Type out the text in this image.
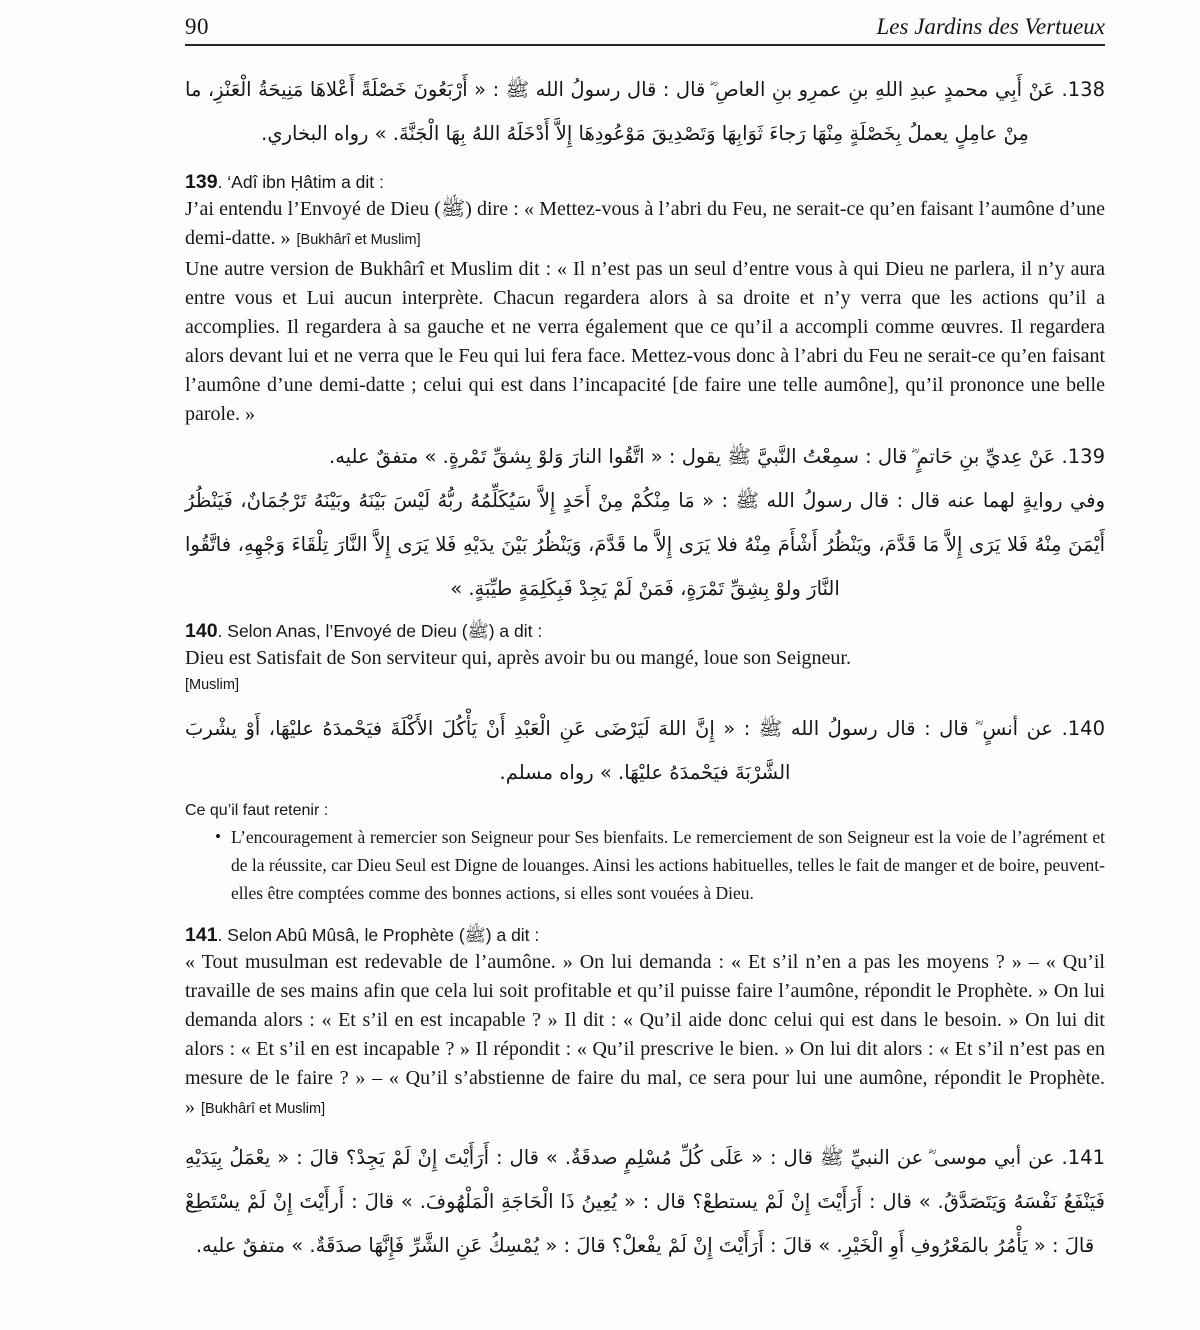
90	Les Jardins des Vertueux

138. عَنْ أَبِي محمدٍ عبدِ اللهِ بنِ عمرِو بنِ العاصِ ؓ قال : قال رسولُ الله ﷺ : « أَرْبَعُونَ خَصْلَةً أَعْلاهَا مَنِيحَةُ الْعَنْزِ، ما مِنْ عامِلٍ يعملُ بِخَصْلَةٍ مِنْهَا رَجاءَ ثَوَابِهَا وَتَصْدِيقَ مَوْعُودِهَا إِلاَّ أَدْخَلَهُ اللهُ بِهَا الْجَنَّةَ. » رواه البخاري.

139. ‘Adî ibn Ḥâtim a dit :

J’ai entendu l’Envoyé de Dieu (ﷺ) dire : « Mettez-vous à l’abri du Feu, ne serait-ce qu’en faisant l’aumône d’une demi-datte. » [Bukhârî et Muslim]

Une autre version de Bukhârî et Muslim dit : « Il n’est pas un seul d’entre vous à qui Dieu ne parlera, il n’y aura entre vous et Lui aucun interprète. Chacun regardera alors à sa droite et n’y verra que les actions qu’il a accomplies. Il regardera à sa gauche et ne verra également que ce qu’il a accompli comme œuvres. Il regardera alors devant lui et ne verra que le Feu qui lui fera face. Mettez-vous donc à l’abri du Feu ne serait-ce qu’en faisant l’aumône d’une demi-datte ; celui qui est dans l’incapacité [de faire une telle aumône], qu’il prononce une belle parole. »

139. عَنْ عِديِّ بنِ حَاتمٍ ؓ قال : سمِعْتُ النَّبيَّ ﷺ يقول : « اتَّقُوا النارَ وَلوْ بِشقِّ تَمْرةٍ. » متفقٌ عليه.

وفي روايةٍ لهما عنه قال : قال رسولُ الله ﷺ : « مَا مِنْكُمْ مِنْ أَحَدٍ إِلاَّ سَيُكَلِّمُهُ ربُّهُ لَيْسَ بَيْنَهُ وبَيْنَهُ تَرْجُمَانٌ، فَيَنْظُرُ أَيْمَنَ مِنْهُ فَلا يَرَى إِلاَّ مَا قَدَّمَ، ويَنْظُرُ أَشْأَمَ مِنْهُ فلا يَرَى إِلاَّ ما قَدَّمَ، وَيَنْظُرُ بَيْنَ يدَيْهِ فَلا يَرَى إِلاَّ النَّارَ تِلْقَاءَ وَجْهِهِ، فاتَّقُوا النَّارَ ولوْ بِشِقِّ تَمْرَةٍ، فَمَنْ لَمْ يَجِدْ فَبِكَلِمَةٍ طيِّبَةٍ. »

140. Selon Anas, l’Envoyé de Dieu (ﷺ) a dit :

Dieu est Satisfait de Son serviteur qui, après avoir bu ou mangé, loue son Seigneur.

[Muslim]

140. عن أنسٍ ؓ قال : قال رسولُ الله ﷺ : « إِنَّ اللهَ لَيَرْضَى عَنِ الْعَبْدِ أَنْ يَأْكُلَ الأَكْلَةَ فيَحْمدَهُ عليْهَا، أَوْ يشْربَ الشَّرْبَةَ فيَحْمدَهُ عليْهَا. » رواه مسلم.

Ce qu’il faut retenir :

• L’encouragement à remercier son Seigneur pour Ses bienfaits. Le remerciement de son Seigneur est la voie de l’agrément et de la réussite, car Dieu Seul est Digne de louanges. Ainsi les actions habituelles, telles le fait de manger et de boire, peuvent-elles être comptées comme des bonnes actions, si elles sont vouées à Dieu.

141. Selon Abû Mûsâ, le Prophète (ﷺ) a dit :

« Tout musulman est redevable de l’aumône. » On lui demanda : « Et s’il n’en a pas les moyens ? » – « Qu’il travaille de ses mains afin que cela lui soit profitable et qu’il puisse faire l’aumône, répondit le Prophète. » On lui demanda alors : « Et s’il en est incapable ? » Il dit : « Qu’il aide donc celui qui est dans le besoin. » On lui dit alors : « Et s’il en est incapable ? » Il répondit : « Qu’il prescrive le bien. » On lui dit alors : « Et s’il n’est pas en mesure de le faire ? » – « Qu’il s’abstienne de faire du mal, ce sera pour lui une aumône, répondit le Prophète. » [Bukhârî et Muslim]

141. عن أبي موسى ؓ عن النبيِّ ﷺ قال : « عَلَى كُلِّ مُسْلِمٍ صدقَةٌ. » قال : أَرَأَيْتَ إِنْ لَمْ يَجِدْ؟ قالَ : « يعْمَلُ بِيَدَيْهِ فَيَنْفَعُ نَفْسَهُ وَيَتَصَدَّقُ. » قال : أَرَأَيْتَ إِنْ لَمْ يستطعْ؟ قال : « يُعِينُ ذَا الْحَاجَةِ الْمَلْهُوفَ. » قالَ : أَرأَيْتَ إِنْ لَمْ يسْتَطِعْ قالَ : « يَأْمُرُ بالمَعْرُوفِ أَوِ الْخَيْرِ. » قالَ : أَرَأَيْتَ إِنْ لَمْ يفْعلْ؟ قالَ : « يُمْسِكُ عَنِ الشَّرِّ فَإِنَّهَا صدَقَةٌ. » متفقٌ عليه.
